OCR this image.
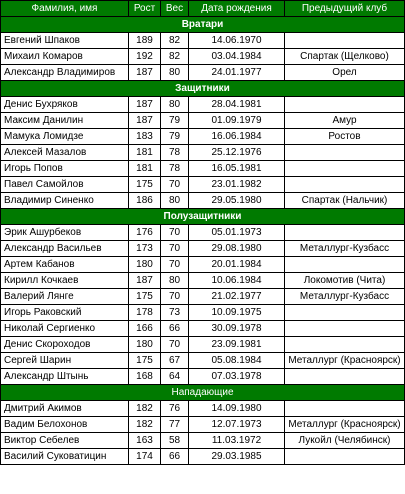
Фамилия, имя	Рост	Вес	Дата рождения	Предыдущий клуб
Вратари				
Евгений Шпаков	189	82	14.06.1970	
Михаил Комаров	192	82	03.04.1984	Спартак (Щелково)
Александр Владимиров	187	80	24.01.1977	Орел
Защитники				
Денис Бухряков	187	80	28.04.1981	
Максим Данилин	187	79	01.09.1979	Амур
Мамука Ломидзе	183	79	16.06.1984	Ростов
Алексей Мазалов	181	78	25.12.1976	
Игорь Попов	181	78	16.05.1981	
Павел Самойлов	175	70	23.01.1982	
Владимир Синенко	186	80	29.05.1980	Спартак (Нальчик)
Полузащитники				
Эрик Ашурбеков	176	70	05.01.1973	
Александр Васильев	173	70	29.08.1980	Металлург-Кузбасс
Артем Кабанов	180	70	20.01.1984	
Кирилл Кочкаев	187	80	10.06.1984	Локомотив (Чита)
Валерий Лянге	175	70	21.02.1977	Металлург-Кузбасс
Игорь Раковский	178	73	10.09.1975	
Николай Сергиенко	166	66	30.09.1978	
Денис Скороходов	180	70	23.09.1981	
Сергей Шарин	175	67	05.08.1984	Металлург (Красноярск)
Александр Штынь	168	64	07.03.1978	
Нападающие				
Дмитрий Акимов	182	76	14.09.1980	
Вадим Белохонов	182	77	12.07.1973	Металлург (Красноярск)
Виктор Себелев	163	58	11.03.1972	Лукойл (Челябинск)
Василий Суковатицин	174	66	29.03.1985	
